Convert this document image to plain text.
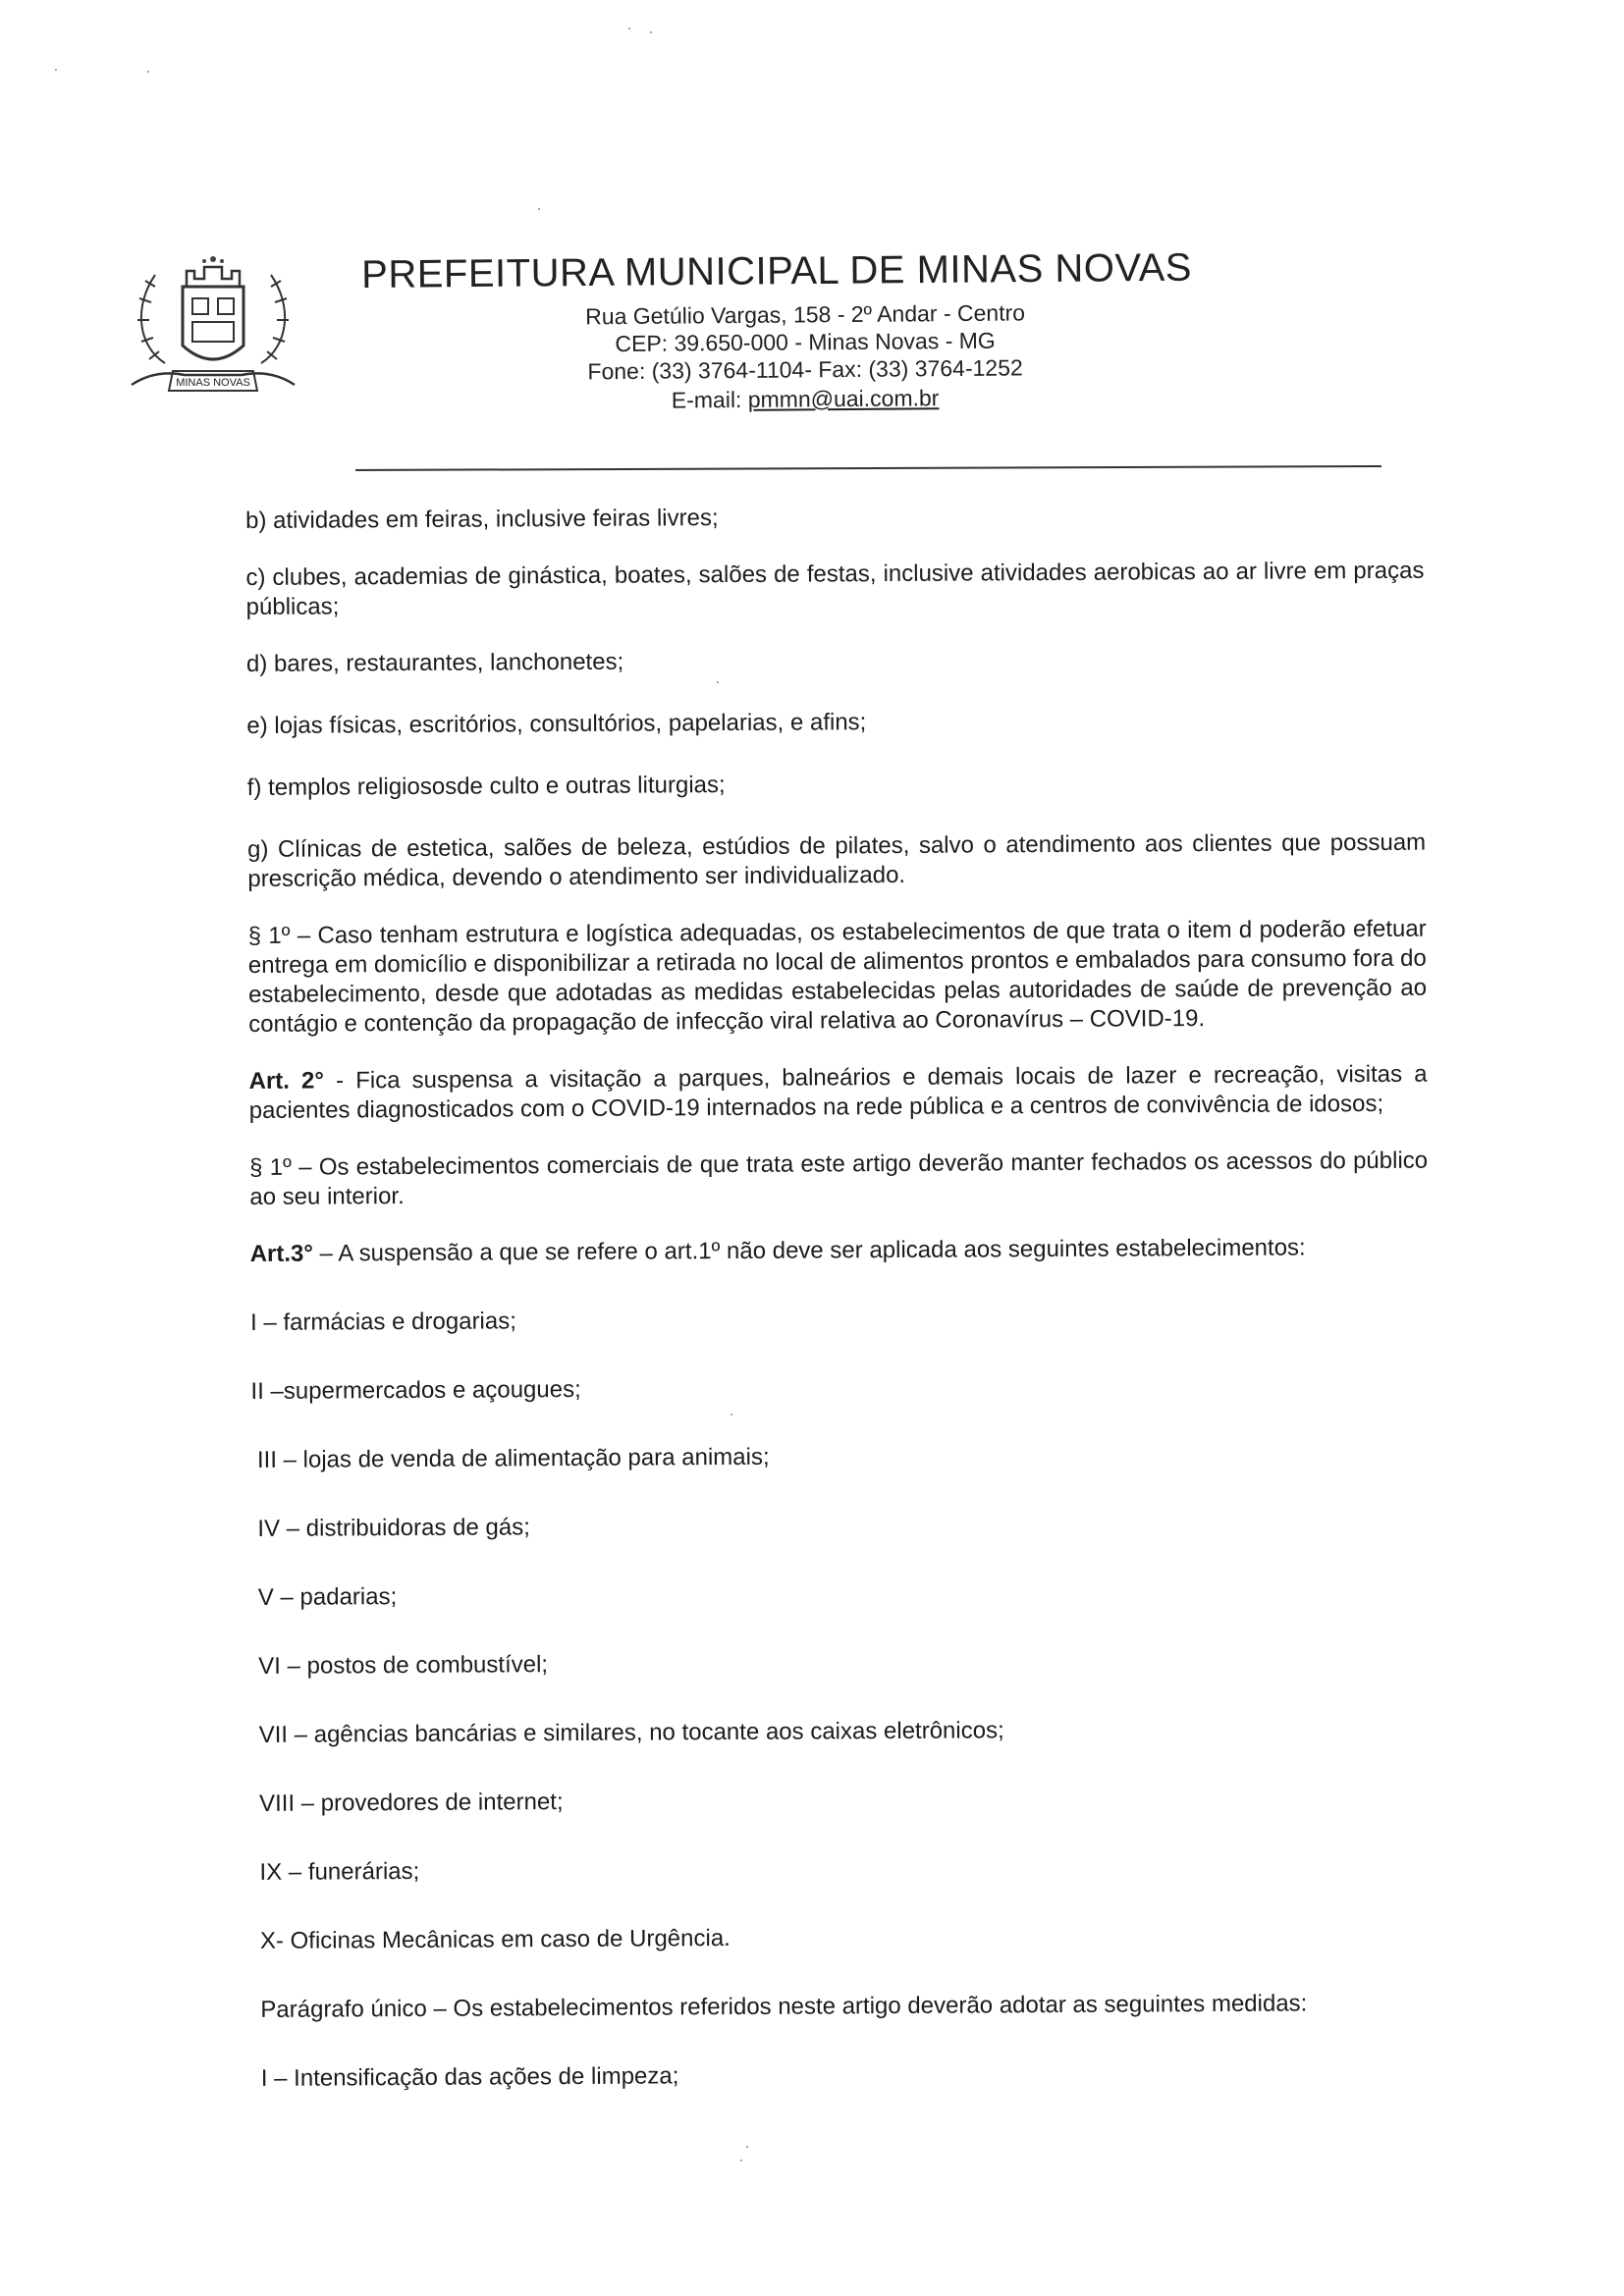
MINAS NOVAS
PREFEITURA MUNICIPAL DE MINAS NOVAS
Rua Getúlio Vargas, 158 - 2º Andar - Centro
CEP: 39.650-000 - Minas Novas - MG
Fone: (33) 3764-1104- Fax: (33) 3764-1252
E-mail: pmmn@uai.com.br

b) atividades em feiras, inclusive feiras livres;

c) clubes, academias de ginástica, boates, salões de festas, inclusive atividades aerobicas ao ar livre em praças públicas;

d) bares, restaurantes, lanchonetes;

e) lojas físicas, escritórios, consultórios, papelarias, e afins;

f) templos religiososde culto e outras liturgias;

g) Clínicas de estetica, salões de beleza, estúdios de pilates, salvo o atendimento aos clientes que possuam prescrição médica, devendo o atendimento ser individualizado.

§ 1º – Caso tenham estrutura e logística adequadas, os estabelecimentos de que trata o item d poderão efetuar entrega em domicílio e disponibilizar a retirada no local de alimentos prontos e embalados para consumo fora do estabelecimento, desde que adotadas as medidas estabelecidas pelas autoridades de saúde de prevenção ao contágio e contenção da propagação de infecção viral relativa ao Coronavírus – COVID-19.

Art. 2° - Fica suspensa a visitação a parques, balneários e demais locais de lazer e recreação, visitas a pacientes diagnosticados com o COVID-19 internados na rede pública e a centros de convivência de idosos;

§ 1º – Os estabelecimentos comerciais de que trata este artigo deverão manter fechados os acessos do público ao seu interior.

Art.3° – A suspensão a que se refere o art.1º não deve ser aplicada aos seguintes estabelecimentos:

I – farmácias e drogarias;

II –supermercados e açougues;

III – lojas de venda de alimentação para animais;

IV – distribuidoras de gás;

V – padarias;

VI – postos de combustível;

VII – agências bancárias e similares, no tocante aos caixas eletrônicos;

VIII – provedores de internet;

IX – funerárias;

X- Oficinas Mecânicas em caso de Urgência.

Parágrafo único – Os estabelecimentos referidos neste artigo deverão adotar as seguintes medidas:

I – Intensificação das ações de limpeza;
